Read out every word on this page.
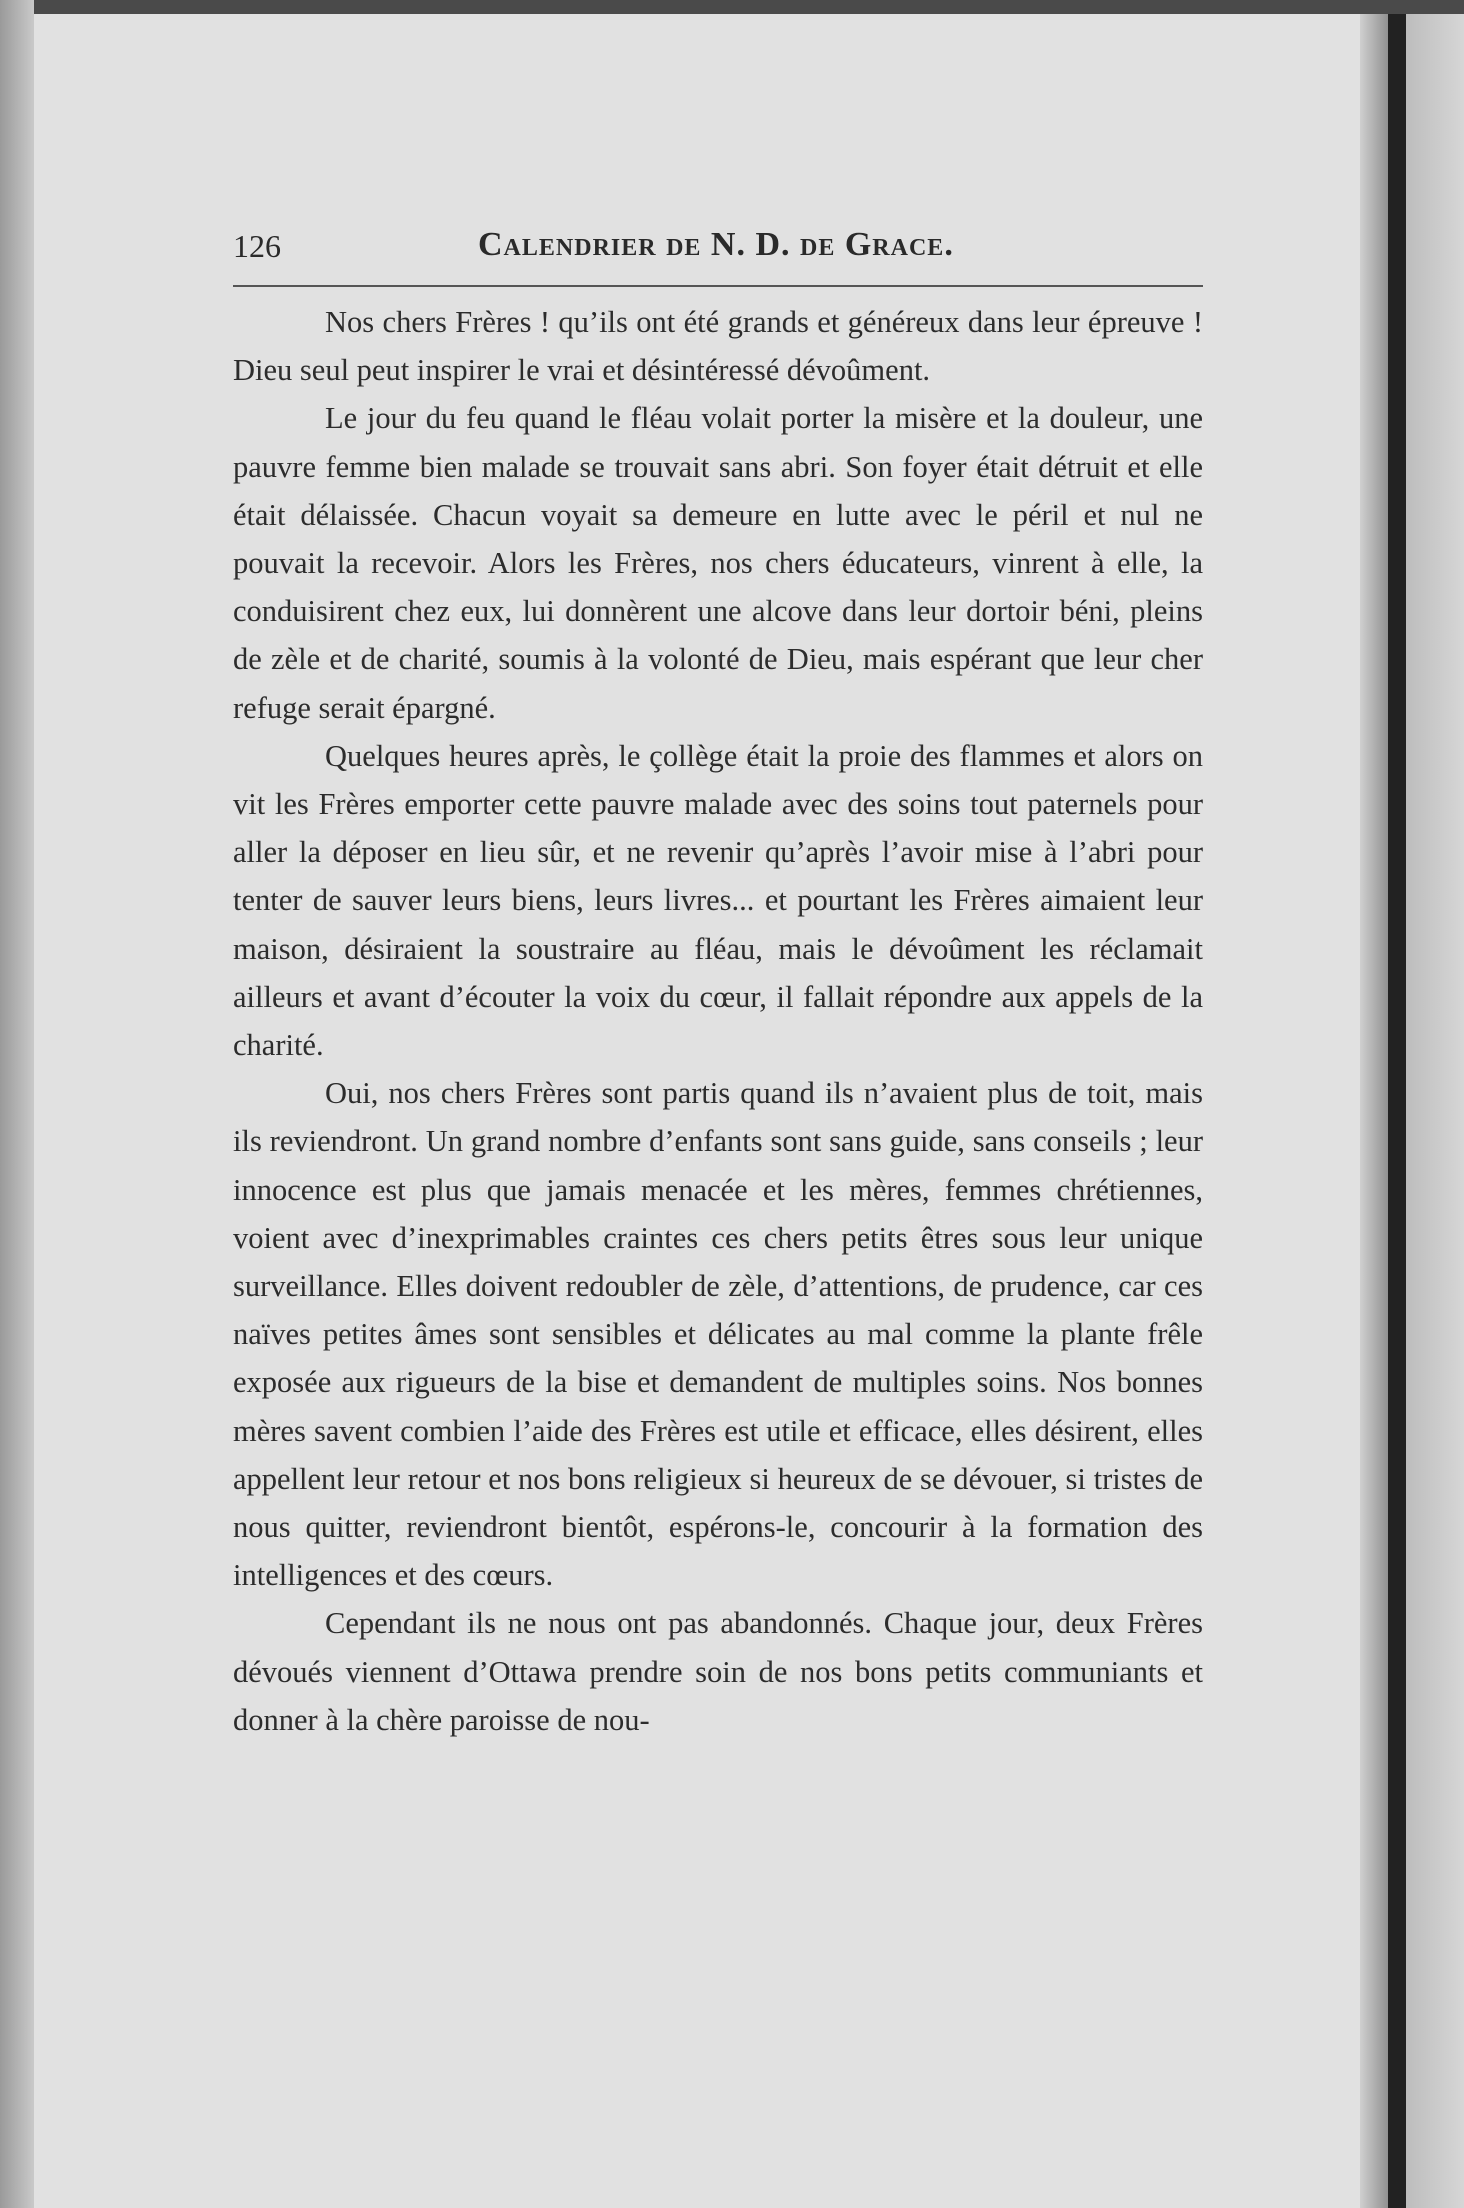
126	Calendrier de N. D. de Grace.

Nos chers Frères ! qu’ils ont été grands et généreux dans leur épreuve ! Dieu seul peut inspirer le vrai et désintéressé dévoûment.

Le jour du feu quand le fléau volait porter la misère et la douleur, une pauvre femme bien malade se trouvait sans abri. Son foyer était détruit et elle était délaissée. Chacun voyait sa demeure en lutte avec le péril et nul ne pouvait la recevoir. Alors les Frères, nos chers éducateurs, vinrent à elle, la conduisirent chez eux, lui donnèrent une alcove dans leur dortoir béni, pleins de zèle et de charité, soumis à la volonté de Dieu, mais espérant que leur cher refuge serait épargné.

Quelques heures après, le çollège était la proie des flammes et alors on vit les Frères emporter cette pauvre malade avec des soins tout paternels pour aller la déposer en lieu sûr, et ne revenir qu’après l’avoir mise à l’abri pour tenter de sauver leurs biens, leurs livres... et pourtant les Frères aimaient leur maison, désiraient la soustraire au fléau, mais le dévoûment les réclamait ailleurs et avant d’écouter la voix du cœur, il fallait répondre aux appels de la charité.

Oui, nos chers Frères sont partis quand ils n’avaient plus de toit, mais ils reviendront. Un grand nombre d’enfants sont sans guide, sans conseils ; leur innocence est plus que jamais menacée et les mères, femmes chrétiennes, voient avec d’inexprimables craintes ces chers petits êtres sous leur unique surveillance. Elles doivent redoubler de zèle, d’attentions, de prudence, car ces naïves petites âmes sont sensibles et délicates au mal comme la plante frêle exposée aux rigueurs de la bise et demandent de multiples soins. Nos bonnes mères savent combien l’aide des Frères est utile et efficace, elles désirent, elles appellent leur retour et nos bons religieux si heureux de se dévouer, si tristes de nous quitter, reviendront bientôt, espérons-le, concourir à la formation des intelligences et des cœurs.

Cependant ils ne nous ont pas abandonnés. Chaque jour, deux Frères dévoués viennent d’Ottawa prendre soin de nos bons petits communiants et donner à la chère paroisse de nou-
